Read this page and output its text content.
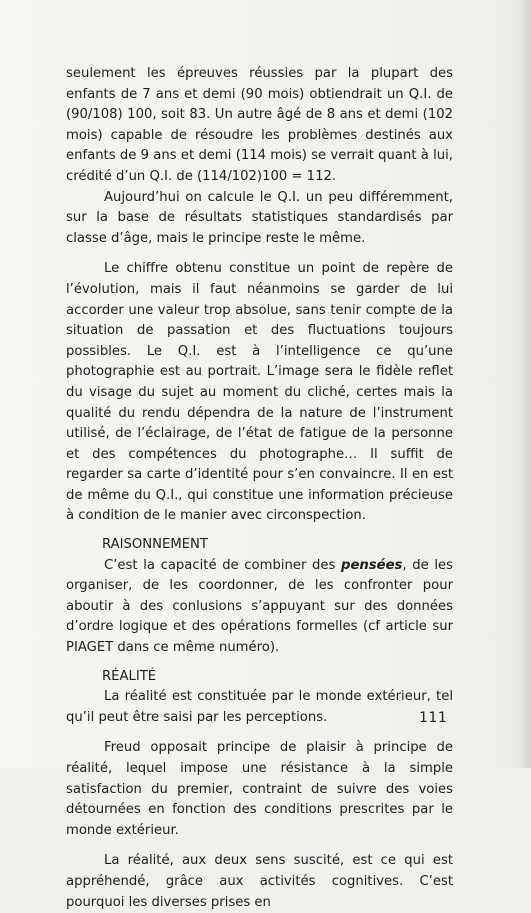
seulement les épreuves réussies par la plupart des enfants de 7 ans et demi (90 mois) obtiendrait un Q.I. de (90/108) 100, soit 83. Un autre âgé de 8 ans et demi (102 mois) capable de résoudre les problèmes destinés aux enfants de 9 ans et demi (114 mois) se verrait quant à lui, crédité d’un Q.I. de (114/102)100 = 112.

Aujourd’hui on calcule le Q.I. un peu différemment, sur la base de résultats statistiques standardisés par classe d’âge, mais le principe reste le même.

Le chiffre obtenu constitue un point de repère de l’évolution, mais il faut néanmoins se garder de lui accorder une valeur trop absolue, sans tenir compte de la situation de passation et des fluctuations toujours possibles. Le Q.I. est à l’intelligence ce qu’une photographie est au portrait. L’image sera le fidèle reflet du visage du sujet au moment du cliché, certes mais la qualité du rendu dépendra de la nature de l’instrument utilisé, de l’éclairage, de l’état de fatigue de la personne et des compétences du photographe… Il suffit de regarder sa carte d’identité pour s’en convaincre. Il en est de même du Q.I., qui constitue une information précieuse à condition de le manier avec circonspection.

RAISONNEMENT

C’est la capacité de combiner des pensées, de les organiser, de les coordonner, de les confronter pour aboutir à des conlusions s’appuyant sur des données d’ordre logique et des opérations formelles (cf article sur PIAGET dans ce même numéro).

RÉALITÉ

La réalité est constituée par le monde extérieur, tel qu’il peut être saisi par les perceptions.

Freud opposait principe de plaisir à principe de réalité, lequel impose une résistance à la simple satisfaction du premier, contraint de suivre des voies détournées en fonction des conditions prescrites par le monde extérieur.

La réalité, aux deux sens suscité, est ce qui est appréhendé, grâce aux activités cognitives. C’est pourquoi les diverses prises en

111
